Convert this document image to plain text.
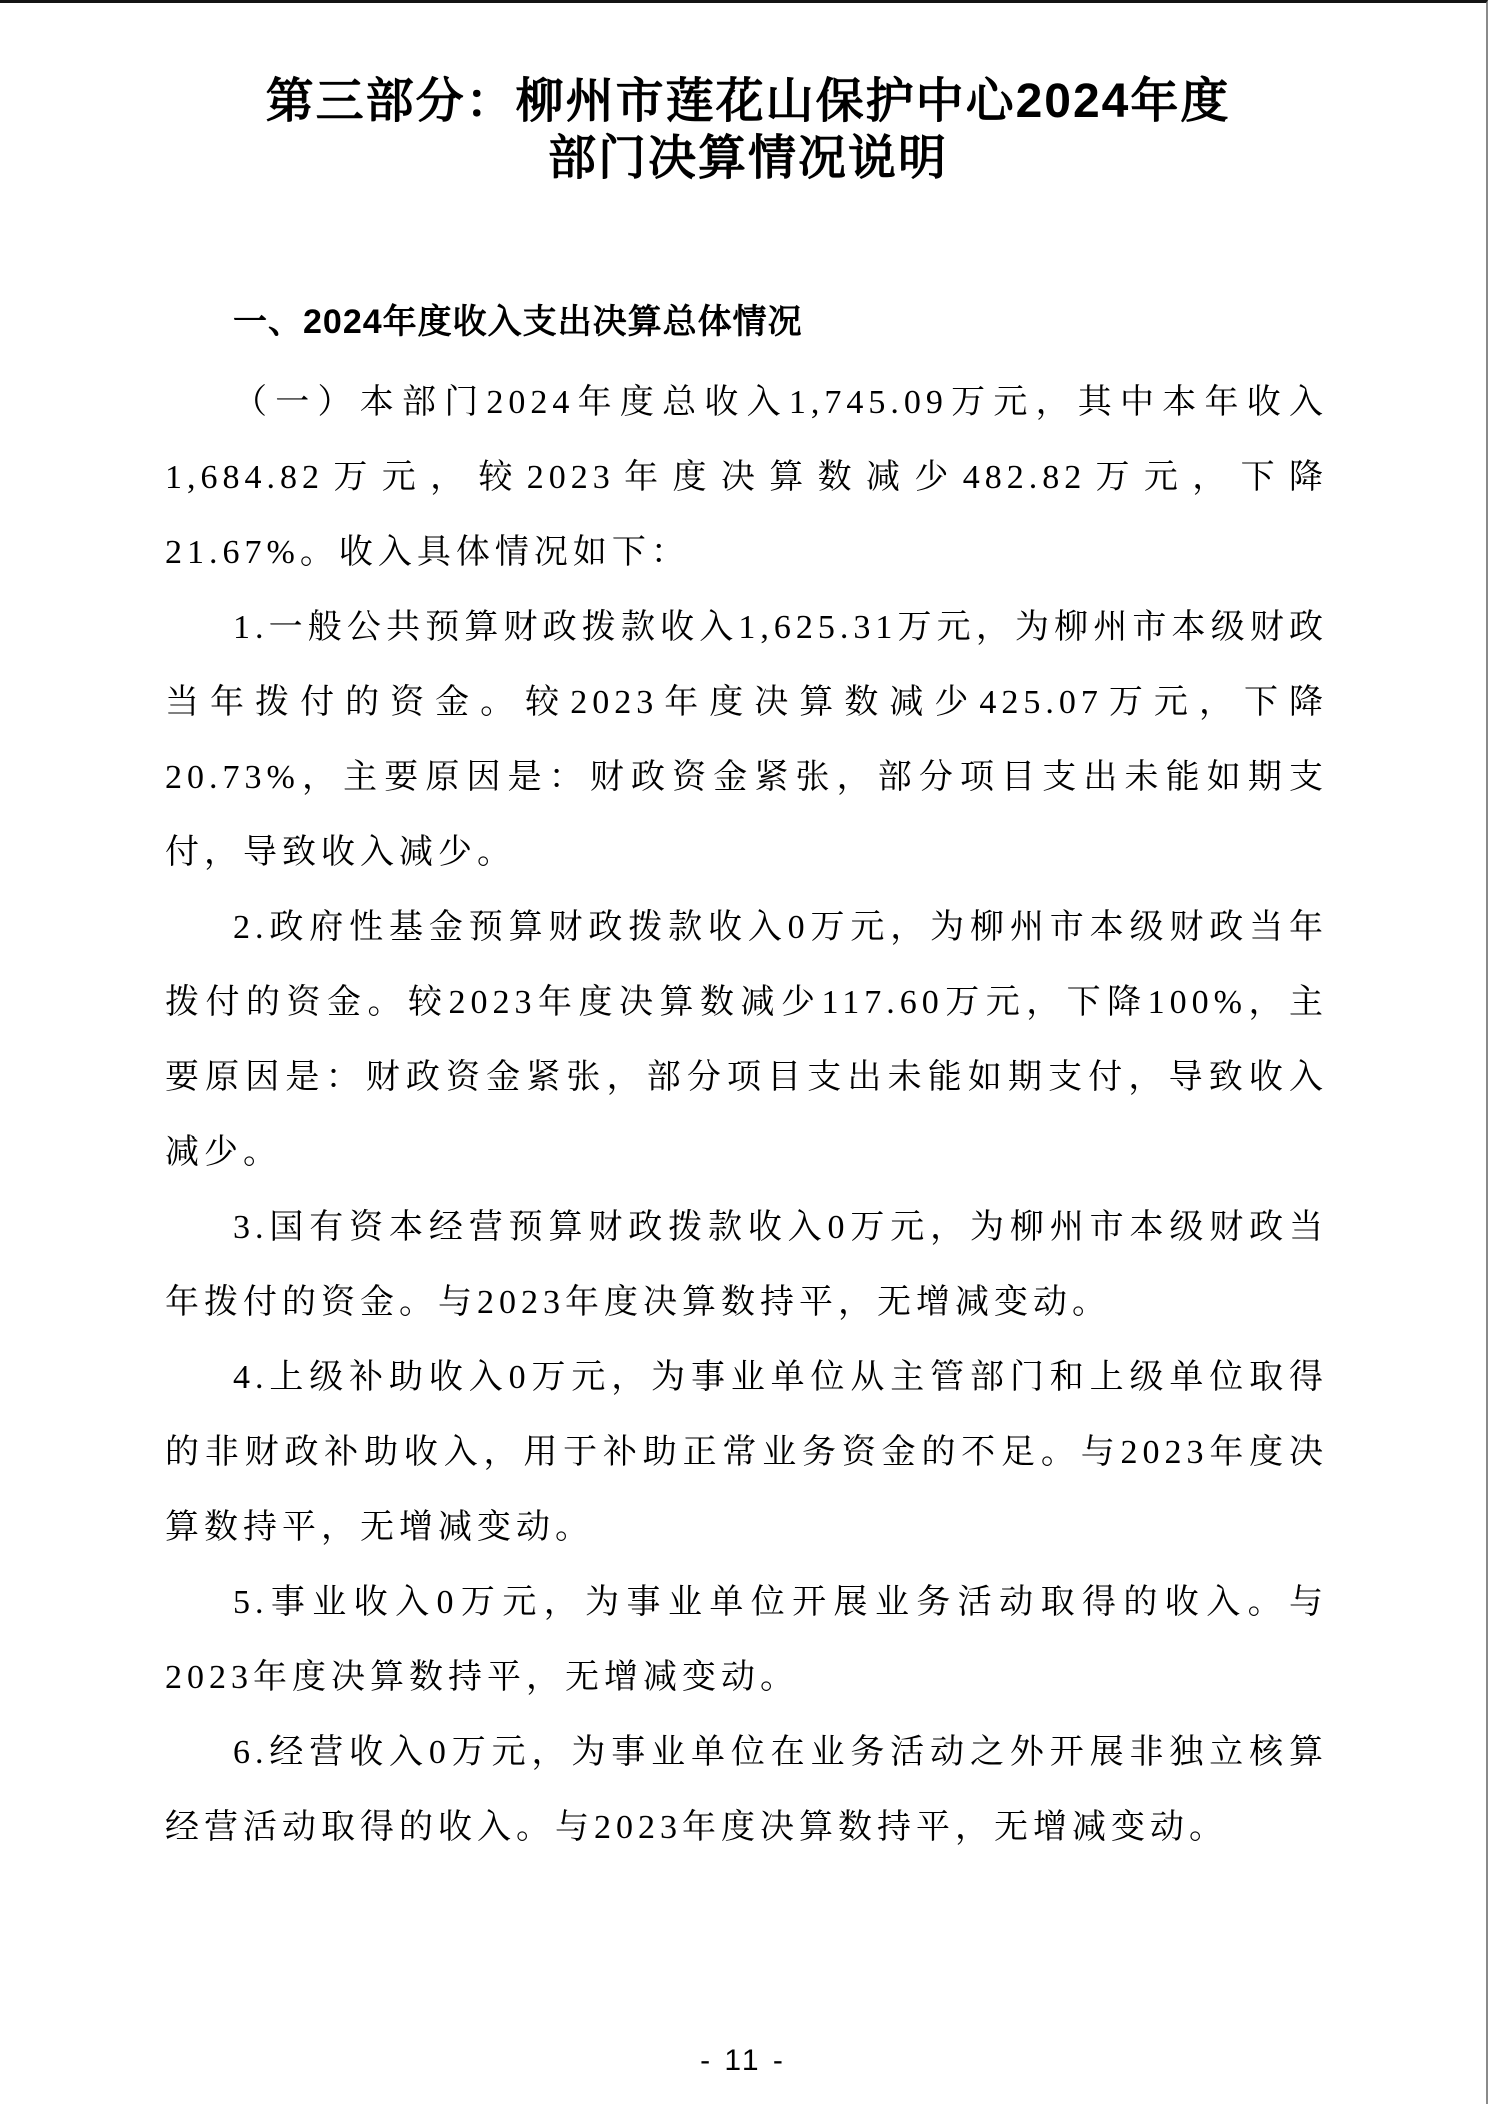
第三部分：柳州市莲花山保护中心2024年度
部门决算情况说明
一、2024年度收入支出决算总体情况

（一）本部门2024年度总收入1,745.09万元，其中本年收入1,684.82万元，较2023年度决算数减少482.82万元，下降21.67%。收入具体情况如下：

1.一般公共预算财政拨款收入1,625.31万元，为柳州市本级财政当年拨付的资金。较2023年度决算数减少425.07万元，下降20.73%，主要原因是：财政资金紧张，部分项目支出未能如期支付，导致收入减少。

2.政府性基金预算财政拨款收入0万元，为柳州市本级财政当年拨付的资金。较2023年度决算数减少117.60万元，下降100%，主要原因是：财政资金紧张，部分项目支出未能如期支付，导致收入减少。

3.国有资本经营预算财政拨款收入0万元，为柳州市本级财政当年拨付的资金。与2023年度决算数持平，无增减变动。

4.上级补助收入0万元，为事业单位从主管部门和上级单位取得的非财政补助收入，用于补助正常业务资金的不足。与2023年度决算数持平，无增减变动。

5.事业收入0万元，为事业单位开展业务活动取得的收入。与2023年度决算数持平，无增减变动。

6.经营收入0万元，为事业单位在业务活动之外开展非独立核算经营活动取得的收入。与2023年度决算数持平，无增减变动。

- 11 -
